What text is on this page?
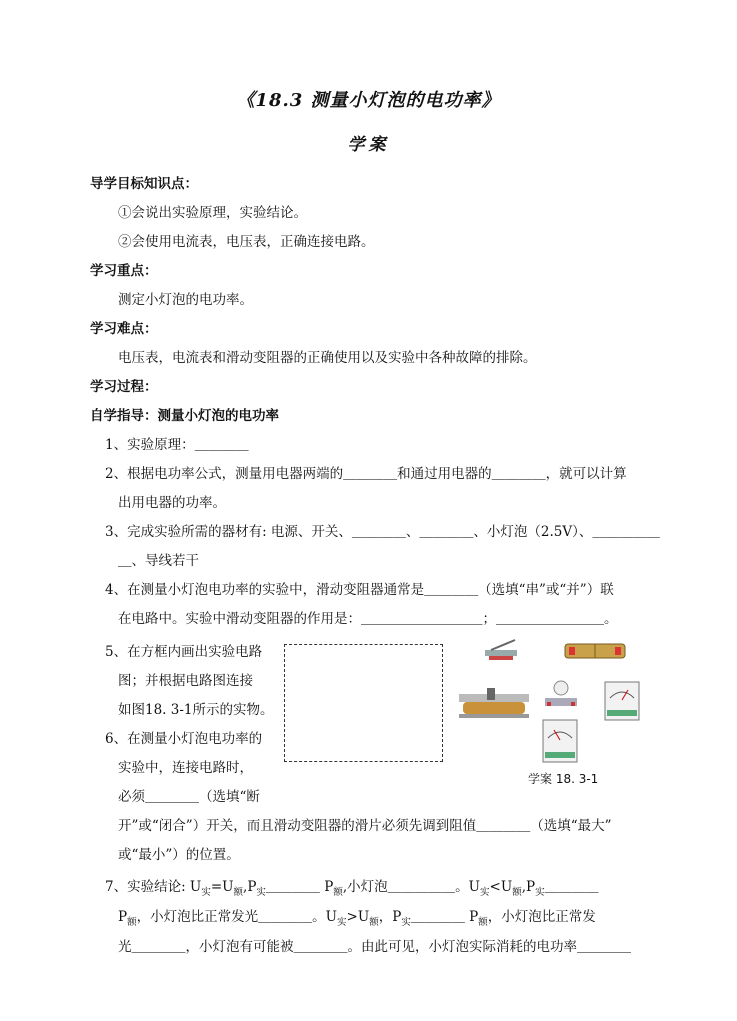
《18.3 测量小灯泡的电功率》
学案
导学目标知识点：
①会说出实验原理，实验结论。
②会使用电流表，电压表，正确连接电路。
学习重点：
测定小灯泡的电功率。
学习难点：
电压表，电流表和滑动变阻器的正确使用以及实验中各种故障的排除。
学习过程：
自学指导：测量小灯泡的电功率
1、实验原理：＿＿＿＿
2、根据电功率公式，测量用电器两端的＿＿＿＿和通过用电器的＿＿＿＿，就可以计算
出用电器的功率。
3、完成实验所需的器材有: 电源、开关、＿＿＿＿、＿＿＿＿、小灯泡（2.5V）、＿＿＿＿＿
＿、导线若干
4、在测量小灯泡电功率的实验中，滑动变阻器通常是＿＿＿＿（选填“串”或“并”）联
在电路中。实验中滑动变阻器的作用是：＿＿＿＿＿＿＿＿＿；＿＿＿＿＿＿＿＿。
5、在方框内画出实验电路
图；并根据电路图连接
如图18. 3-1所示的实物。
6、在测量小灯泡电功率的
实验中，连接电路时，
必须＿＿＿＿（选填“断
开”或“闭合”）开关，而且滑动变阻器的滑片必须先调到阻值＿＿＿＿（选填“最大”
或“最小”）的位置。
学案 18. 3-1
7、实验结论: $U_实=U_额,P_实\_\_\_\_$ $P_额$,小灯泡＿＿＿＿＿。$U_实<U_额,P_实\_\_\_\_$
$P_额$，小灯泡比正常发光＿＿＿＿。$U_实>U_额$，$P_实\_\_\_\_$ $P_额$，小灯泡比正常发
光＿＿＿＿，小灯泡有可能被＿＿＿＿。由此可见，小灯泡实际消耗的电功率＿＿＿＿
